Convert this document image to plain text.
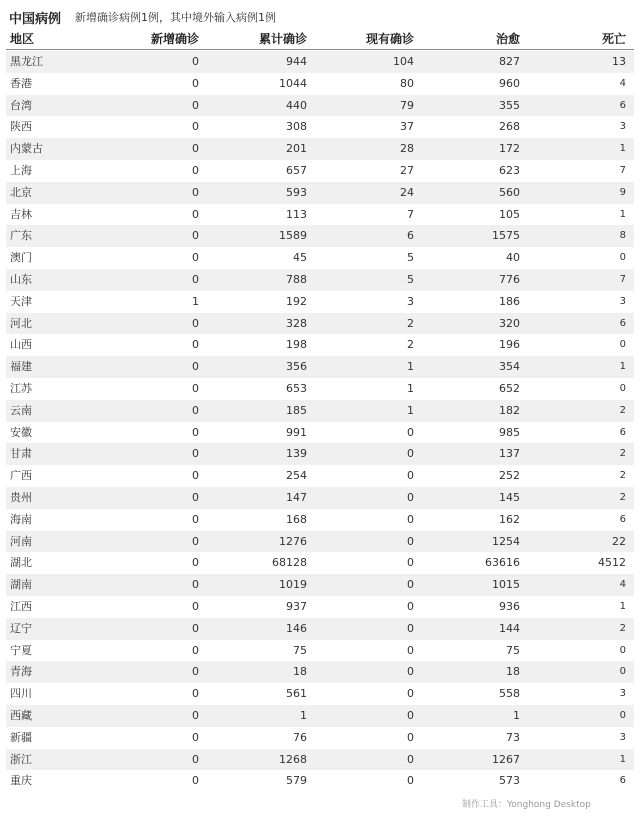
中国病例 新增确诊病例1例，其中境外输入病例1例
地区	新增确诊	累计确诊	现有确诊	治愈	死亡
黑龙江	0	944	104	827	13
香港	0	1044	80	960	4
台湾	0	440	79	355	6
陕西	0	308	37	268	3
内蒙古	0	201	28	172	1
上海	0	657	27	623	7
北京	0	593	24	560	9
吉林	0	113	7	105	1
广东	0	1589	6	1575	8
澳门	0	45	5	40	0
山东	0	788	5	776	7
天津	1	192	3	186	3
河北	0	328	2	320	6
山西	0	198	2	196	0
福建	0	356	1	354	1
江苏	0	653	1	652	0
云南	0	185	1	182	2
安徽	0	991	0	985	6
甘肃	0	139	0	137	2
广西	0	254	0	252	2
贵州	0	147	0	145	2
海南	0	168	0	162	6
河南	0	1276	0	1254	22
湖北	0	68128	0	63616	4512
湖南	0	1019	0	1015	4
江西	0	937	0	936	1
辽宁	0	146	0	144	2
宁夏	0	75	0	75	0
青海	0	18	0	18	0
四川	0	561	0	558	3
西藏	0	1	0	1	0
新疆	0	76	0	73	3
浙江	0	1268	0	1267	1
重庆	0	579	0	573	6
制作工具：Yonghong Desktop
